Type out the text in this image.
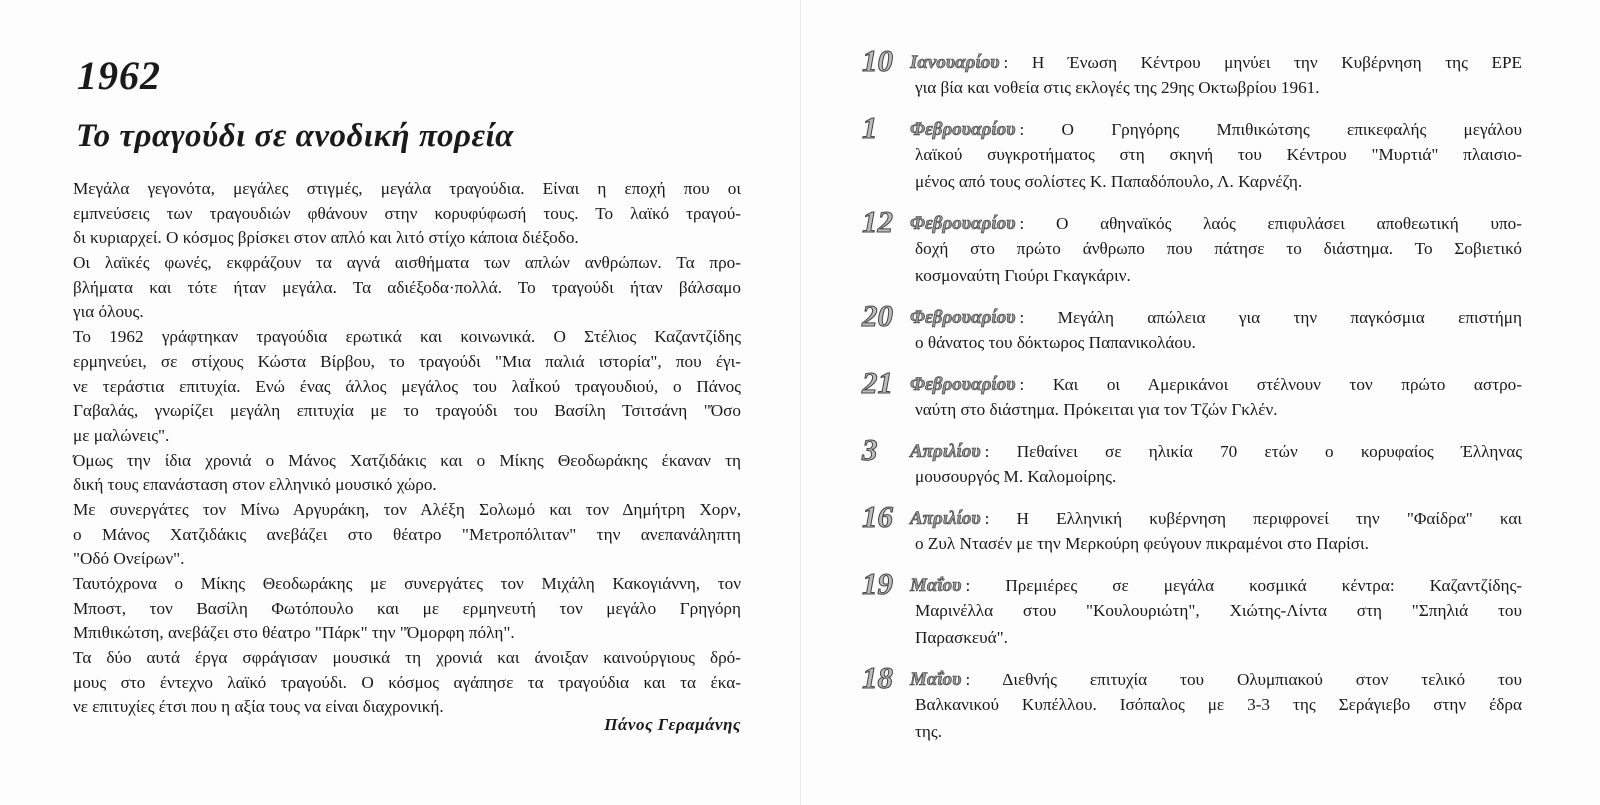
1962
Το τραγούδι σε ανοδική πορεία
Μεγάλα γεγονότα, μεγάλες στιγμές, μεγάλα τραγούδια. Είναι η εποχή που οι
εμπνεύσεις των τραγουδιών φθάνουν στην κορυφύφωσή τους. Το λαϊκό τραγού-
δι κυριαρχεί. Ο κόσμος βρίσκει στον απλό και λιτό στίχο κάποια διέξοδο.
Οι λαϊκές φωνές, εκφράζουν τα αγνά αισθήματα των απλών ανθρώπων. Τα προ-
βλήματα και τότε ήταν μεγάλα. Τα αδιέξοδα·πολλά. Το τραγούδι ήταν βάλσαμο
για όλους.
Το 1962 γράφτηκαν τραγούδια ερωτικά και κοινωνικά. Ο Στέλιος Καζαντζίδης
ερμηνεύει, σε στίχους Κώστα Βίρβου, το τραγούδι "Μια παλιά ιστορία", που έγι-
νε τεράστια επιτυχία. Ενώ ένας άλλος μεγάλος του λαΪκού τραγουδιού, ο Πάνος
Γαβαλάς, γνωρίζει μεγάλη επιτυχία με το τραγούδι του Βασίλη Τσιτσάνη "Όσο
με μαλώνεις".
Όμως την ίδια χρονιά ο Μάνος Χατζιδάκις και ο Μίκης Θεοδωράκης έκαναν τη
δική τους επανάσταση στον ελληνικό μουσικό χώρο.
Με συνεργάτες τον Μίνω Αργυράκη, τον Αλέξη Σολωμό και τον Δημήτρη Χορν,
ο Μάνος Χατζιδάκις ανεβάζει στο θέατρο "Μετροπόλιταν" την ανεπανάληπτη
"Οδό Ονείρων".
Ταυτόχρονα ο Μίκης Θεοδωράκης με συνεργάτες τον Μιχάλη Κακογιάννη, τον
Μποστ, τον Βασίλη Φωτόπουλο και με ερμηνευτή τον μεγάλο Γρηγόρη
Μπιθικώτση, ανεβάζει στο θέατρο "Πάρκ" την "Όμορφη πόλη".
Τα δύο αυτά έργα σφράγισαν μουσικά τη χρονιά και άνοιξαν καινούργιους δρό-
μους στο έντεχνο λαϊκό τραγούδι. Ο κόσμος αγάπησε τα τραγούδια και τα έκα-
νε επιτυχίες έτσι που η αξία τους να είναι διαχρονική.
Πάνος Γεραμάνης
10 Ιανουαρίου : Η Ένωση Κέντρου μηνύει την Κυβέρνηση της ΕΡΕ
για βία και νοθεία στις εκλογές της 29ης Οκτωβρίου 1961.
1 Φεβρουαρίου : Ο Γρηγόρης Μπιθικώτσης επικεφαλής μεγάλου
λαϊκού συγκροτήματος στη σκηνή του Κέντρου "Μυρτιά" πλαισιο-
μένος από τους σολίστες Κ. Παπαδόπουλο, Λ. Καρνέζη.
12 Φεβρουαρίου : Ο αθηναϊκός λαός επιφυλάσει αποθεωτική υπο-
δοχή στο πρώτο άνθρωπο που πάτησε το διάστημα. Το Σοβιετικό
κοσμοναύτη Γιούρι Γκαγκάριν.
20 Φεβρουαρίου : Μεγάλη απώλεια για την παγκόσμια επιστήμη
ο θάνατος του δόκτωρος Παπανικολάου.
21 Φεβρουαρίου : Και οι Αμερικάνοι στέλνουν τον πρώτο αστρο-
ναύτη στο διάστημα. Πρόκειται για τον Τζών Γκλέν.
3 Απριλίου : Πεθαίνει σε ηλικία 70 ετών ο κορυφαίος Έλληνας
μουσουργός Μ. Καλομοίρης.
16 Απριλίου : Η Ελληνική κυβέρνηση περιφρονεί την "Φαίδρα" και
ο Ζυλ Ντασέν με την Μερκούρη φεύγουν πικραμένοι στο Παρίσι.
19 Μαΐου : Πρεμιέρες σε μεγάλα κοσμικά κέντρα: Καζαντζίδης-
Μαρινέλλα στου "Κουλουριώτη", Χιώτης-Λίντα στη "Σπηλιά του
Παρασκευά".
18 Μαΐου : Διεθνής επιτυχία του Ολυμπιακού στον τελικό του
Βαλκανικού Κυπέλλου. Ισόπαλος με 3-3 της Σεράγιεβο στην έδρα
της.
